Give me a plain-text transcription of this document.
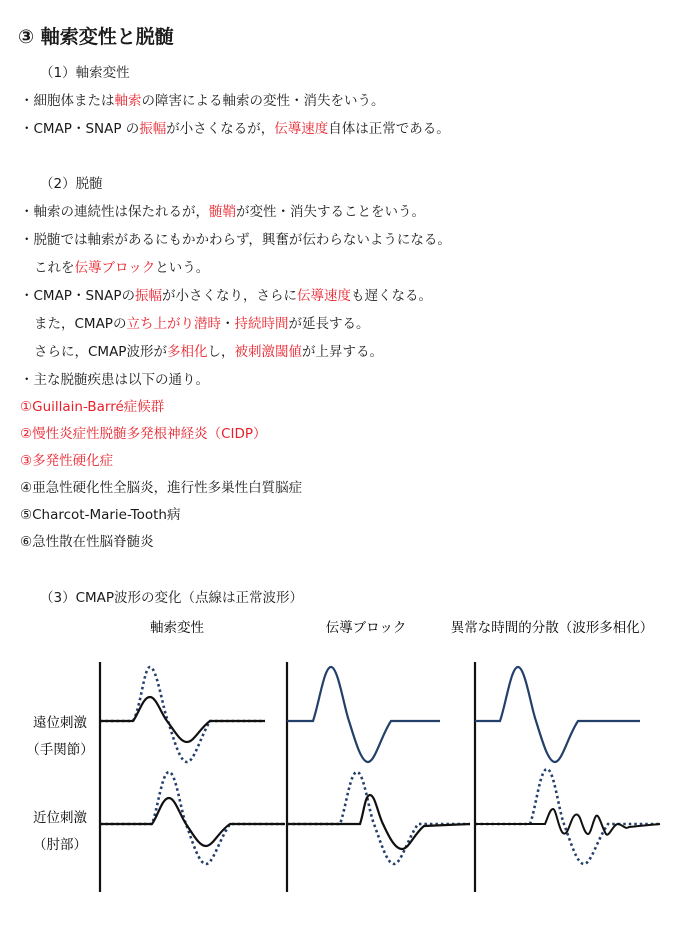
③ 軸索変性と脱髄
（1）軸索変性
・細胞体または軸索の障害による軸索の変性・消失をいう。
・CMAP・SNAP の振幅が小さくなるが，伝導速度自体は正常である。
（2）脱髄
・軸索の連続性は保たれるが，髄鞘が変性・消失することをいう。
・脱髄では軸索があるにもかかわらず，興奮が伝わらないようになる。
これを伝導ブロックという。
・CMAP・SNAPの振幅が小さくなり，さらに伝導速度も遅くなる。
また，CMAPの立ち上がり潜時・持続時間が延長する。
さらに，CMAP波形が多相化し，被刺激閾値が上昇する。
・主な脱髄疾患は以下の通り。
①Guillain-Barré症候群
②慢性炎症性脱髄多発根神経炎（CIDP）
③多発性硬化症
④亜急性硬化性全脳炎，進行性多巣性白質脳症
⑤Charcot-Marie-Tooth病
⑥急性散在性脳脊髄炎
（3）CMAP波形の変化（点線は正常波形）
軸索変性	伝導ブロック	異常な時間的分散（波形多相化）
遠位刺激
（手関節）
近位刺激
（肘部）
